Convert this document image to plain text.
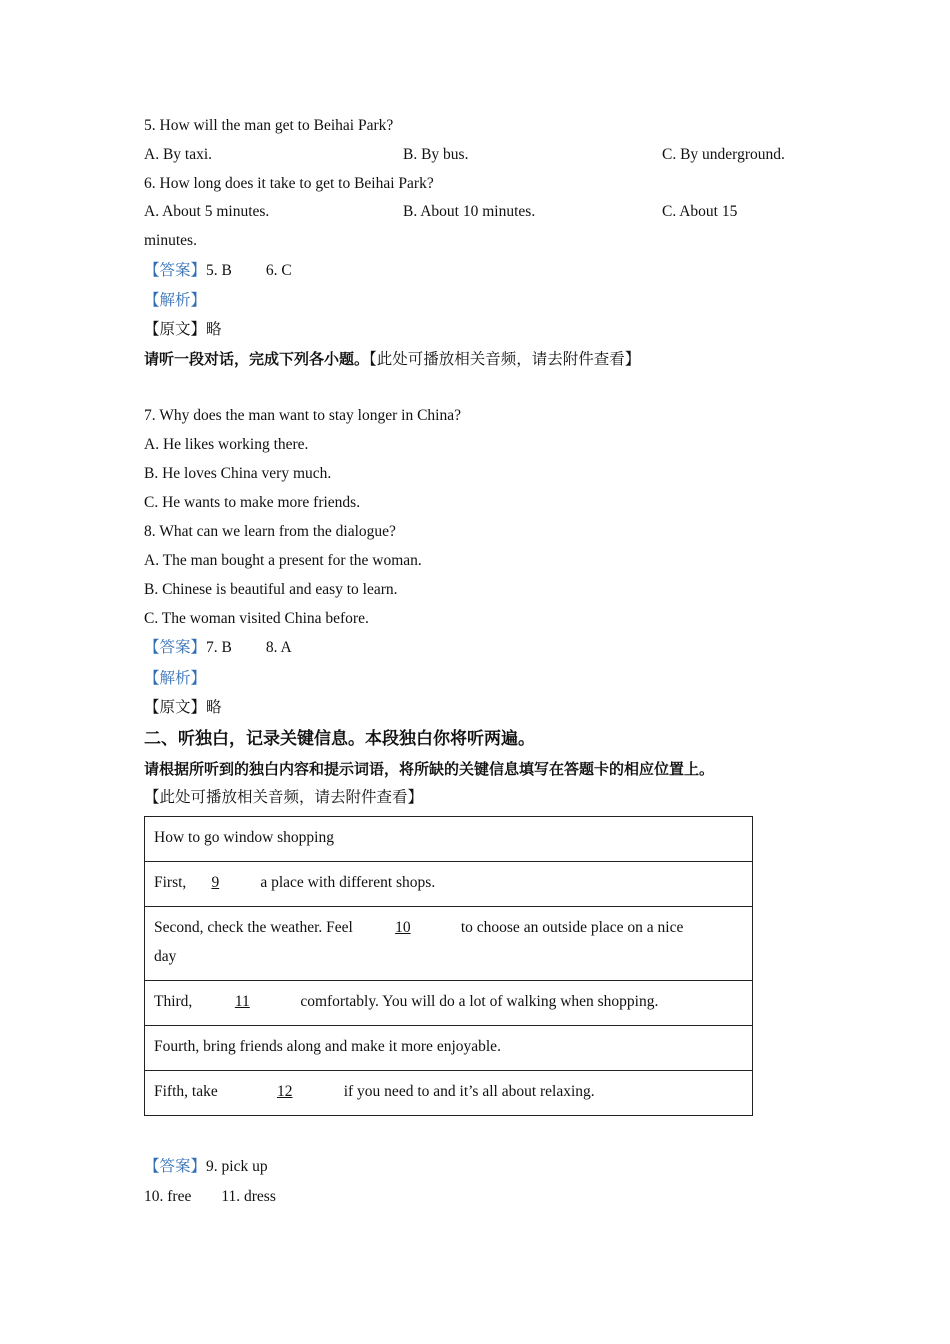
5. How will the man get to Beihai Park?
A. By taxi.	B. By bus.	C. By underground.
6. How long does it take to get to Beihai Park?
A. About 5 minutes.	B. About 10 minutes.	C. About 15
minutes.
【答案】5. B 6. C
【解析】
【原文】略
请听一段对话，完成下列各小题。【此处可播放相关音频，请去附件查看】
7. Why does the man want to stay longer in China?
A. He likes working there.
B. He loves China very much.
C. He wants to make more friends.
8. What can we learn from the dialogue?
A. The man bought a present for the woman.
B. Chinese is beautiful and easy to learn.
C. The woman visited China before.
【答案】7. B 8. A
【解析】
【原文】略
二、听独白，记录关键信息。本段独白你将听两遍。
请根据所听到的独白内容和提示词语，将所缺的关键信息填写在答题卡的相应位置上。
【此处可播放相关音频，请去附件查看】
How to go window shopping
First, 9	a place with different shops.
Second, check the weather. Feel	10	to choose an outside place on a nice
day
Third,	11	comfortably. You will do a lot of walking when shopping.
Fourth, bring friends along and make it more enjoyable.
Fifth, take	12	if you need to and it’s all about relaxing.
【答案】9. pick up
10. free 11. dress
